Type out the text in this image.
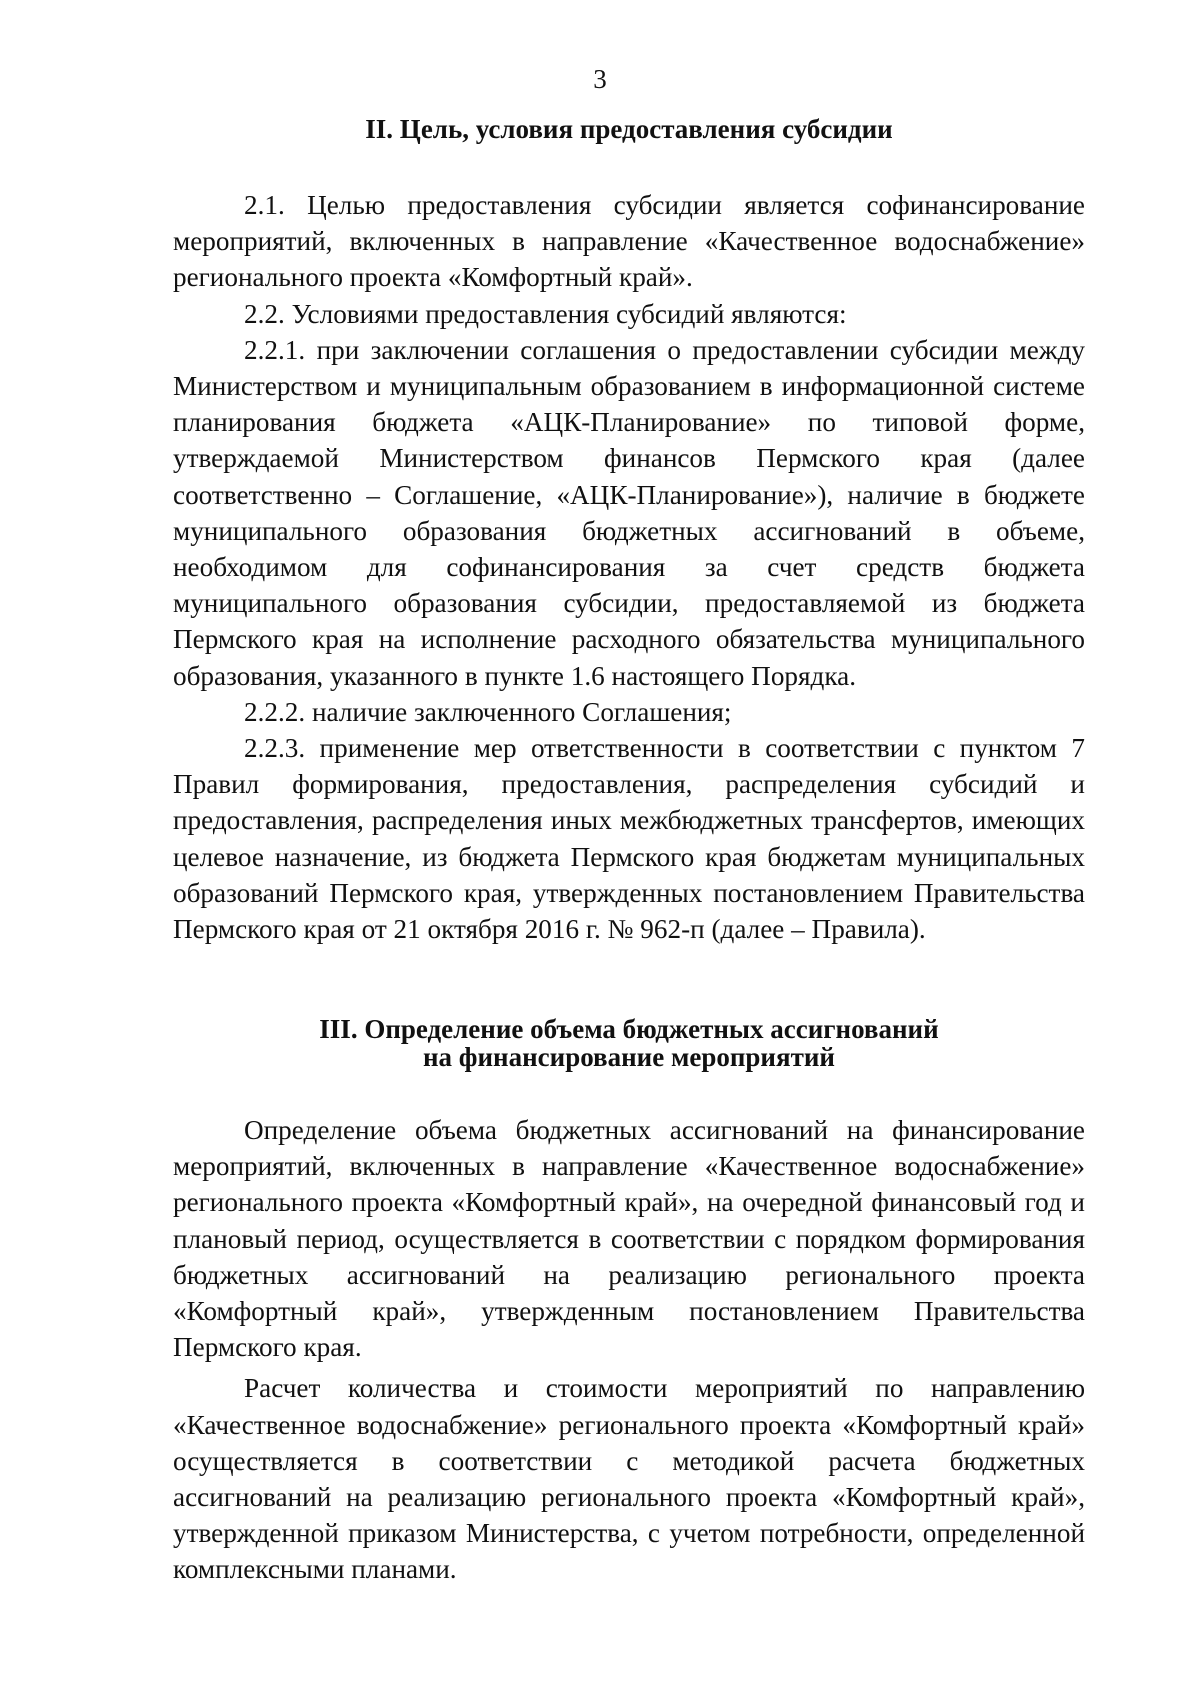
3
II. Цель, условия предоставления субсидии

2.1. Целью предоставления субсидии является софинансирование мероприятий, включенных в направление «Качественное водоснабжение» регионального проекта «Комфортный край».

2.2. Условиями предоставления субсидий являются:

2.2.1. при заключении соглашения о предоставлении субсидии между Министерством и муниципальным образованием в информационной системе планирования бюджета «АЦК-Планирование» по типовой форме, утверждаемой Министерством финансов Пермского края (далее соответственно – Соглашение, «АЦК-Планирование»), наличие в бюджете муниципального образования бюджетных ассигнований в объеме, необходимом для софинансирования за счет средств бюджета муниципального образования субсидии, предоставляемой из бюджета Пермского края на исполнение расходного обязательства муниципального образования, указанного в пункте 1.6 настоящего Порядка.

2.2.2. наличие заключенного Соглашения;

2.2.3. применение мер ответственности в соответствии с пунктом 7 Правил формирования, предоставления, распределения субсидий и предоставления, распределения иных межбюджетных трансфертов, имеющих целевое назначение, из бюджета Пермского края бюджетам муниципальных образований Пермского края, утвержденных постановлением Правительства Пермского края от 21 октября 2016 г. № 962-п (далее – Правила).

III. Определение объема бюджетных ассигнований
на финансирование мероприятий

Определение объема бюджетных ассигнований на финансирование мероприятий, включенных в направление «Качественное водоснабжение» регионального проекта «Комфортный край», на очередной финансовый год и плановый период, осуществляется в соответствии с порядком формирования бюджетных ассигнований на реализацию регионального проекта «Комфортный край», утвержденным постановлением Правительства Пермского края.

Расчет количества и стоимости мероприятий по направлению «Качественное водоснабжение» регионального проекта «Комфортный край» осуществляется в соответствии с методикой расчета бюджетных ассигнований на реализацию регионального проекта «Комфортный край», утвержденной приказом Министерства, с учетом потребности, определенной комплексными планами.
